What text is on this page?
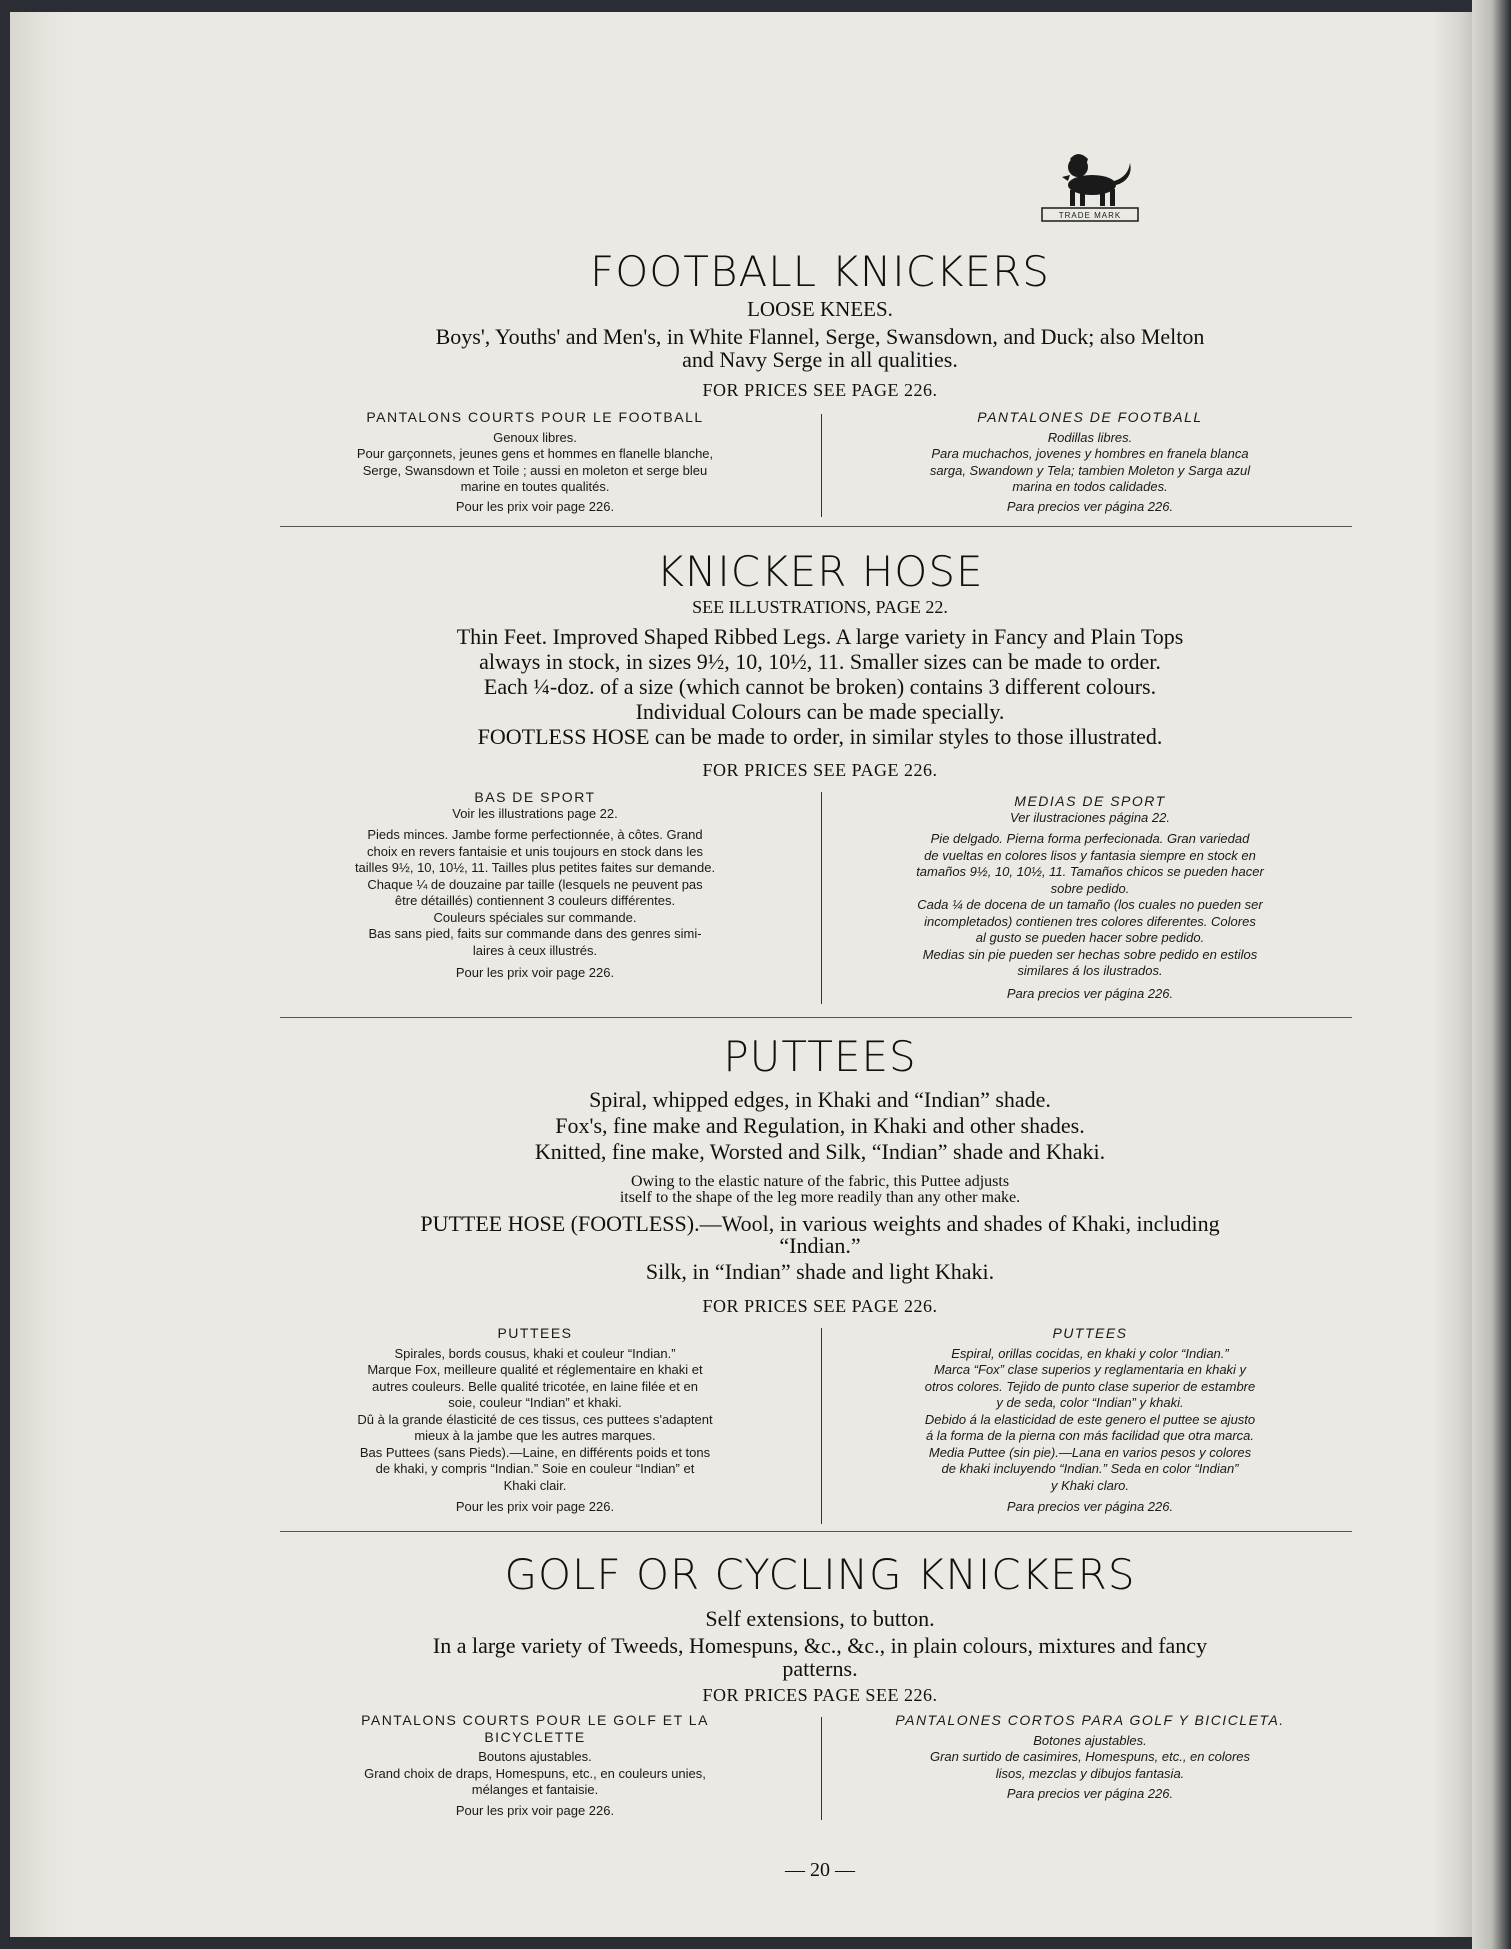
TRADE MARK
FOOTBALL KNICKERS
LOOSE KNEES.
Boys', Youths' and Men's, in White Flannel, Serge, Swansdown, and Duck; also Melton
and Navy Serge in all qualities.
FOR PRICES SEE PAGE 226.
PANTALONS COURTS POUR LE FOOTBALL
Genoux libres.
Pour garçonnets, jeunes gens et hommes en flanelle blanche,
Serge, Swansdown et Toile ; aussi en moleton et serge bleu
marine en toutes qualités.
Pour les prix voir page 226.
PANTALONES DE FOOTBALL
Rodillas libres.
Para muchachos, jovenes y hombres en franela blanca
sarga, Swandown y Tela; tambien Moleton y Sarga azul
marina en todos calidades.
Para precios ver página 226.
KNICKER HOSE
SEE ILLUSTRATIONS, PAGE 22.
Thin Feet. Improved Shaped Ribbed Legs. A large variety in Fancy and Plain Tops
always in stock, in sizes 9½, 10, 10½, 11. Smaller sizes can be made to order.
Each ¼-doz. of a size (which cannot be broken) contains 3 different colours.
Individual Colours can be made specially.
FOOTLESS HOSE can be made to order, in similar styles to those illustrated.
FOR PRICES SEE PAGE 226.
BAS DE SPORT
Voir les illustrations page 22.
Pieds minces. Jambe forme perfectionnée, à côtes. Grand
choix en revers fantaisie et unis toujours en stock dans les
tailles 9½, 10, 10½, 11. Tailles plus petites faites sur demande.
Chaque ¼ de douzaine par taille (lesquels ne peuvent pas
être détaillés) contiennent 3 couleurs différentes.
Couleurs spéciales sur commande.
Bas sans pied, faits sur commande dans des genres simi-
laires à ceux illustrés.
Pour les prix voir page 226.
MEDIAS DE SPORT
Ver ilustraciones página 22.
Pie delgado. Pierna forma perfecionada. Gran variedad
de vueltas en colores lisos y fantasia siempre en stock en
tamaños 9½, 10, 10½, 11. Tamaños chicos se pueden hacer
sobre pedido.
Cada ¼ de docena de un tamaño (los cuales no pueden ser
incompletados) contienen tres colores diferentes. Colores
al gusto se pueden hacer sobre pedido.
Medias sin pie pueden ser hechas sobre pedido en estilos
similares á los ilustrados.
Para precios ver página 226.
PUTTEES
Spiral, whipped edges, in Khaki and “Indian” shade.
Fox's, fine make and Regulation, in Khaki and other shades.
Knitted, fine make, Worsted and Silk, “Indian” shade and Khaki.
Owing to the elastic nature of the fabric, this Puttee adjusts
itself to the shape of the leg more readily than any other make.
PUTTEE HOSE (FOOTLESS).—Wool, in various weights and shades of Khaki, including
“Indian.”
Silk, in “Indian” shade and light Khaki.
FOR PRICES SEE PAGE 226.
PUTTEES
Spirales, bords cousus, khaki et couleur “Indian.”
Marque Fox, meilleure qualité et réglementaire en khaki et
autres couleurs. Belle qualité tricotée, en laine filée et en
soie, couleur “Indian” et khaki.
Dû à la grande élasticité de ces tissus, ces puttees s'adaptent
mieux à la jambe que les autres marques.
Bas Puttees (sans Pieds).—Laine, en différents poids et tons
de khaki, y compris “Indian.” Soie en couleur “Indian” et
Khaki clair.
Pour les prix voir page 226.
PUTTEES
Espiral, orillas cocidas, en khaki y color “Indian.”
Marca “Fox” clase superios y reglamentaria en khaki y
otros colores. Tejido de punto clase superior de estambre
y de seda, color “Indian” y khaki.
Debido á la elasticidad de este genero el puttee se ajusto
á la forma de la pierna con más facilidad que otra marca.
Media Puttee (sin pie).—Lana en varios pesos y colores
de khaki incluyendo “Indian.” Seda en color “Indian”
y Khaki claro.
Para precios ver página 226.
GOLF OR CYCLING KNICKERS
Self extensions, to button.
In a large variety of Tweeds, Homespuns, &c., &c., in plain colours, mixtures and fancy
patterns.
FOR PRICES PAGE SEE 226.
PANTALONS COURTS POUR LE GOLF ET LA
BICYCLETTE
Boutons ajustables.
Grand choix de draps, Homespuns, etc., en couleurs unies,
mélanges et fantaisie.
Pour les prix voir page 226.
PANTALONES CORTOS PARA GOLF Y BICICLETA.
Botones ajustables.
Gran surtido de casimires, Homespuns, etc., en colores
lisos, mezclas y dibujos fantasia.
Para precios ver página 226.
— 20 —
